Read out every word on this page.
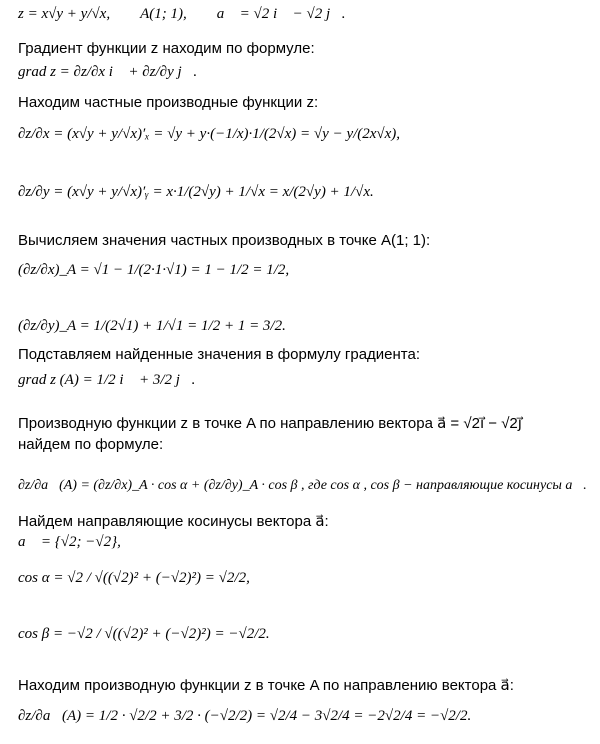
z = x√y + y/√x, A(1; 1), a⃗ = √2 i⃗ − √2 j⃗.
Градиент функции z находим по формуле:
grad z = ∂z/∂x i⃗ + ∂z/∂y j⃗.
Находим частные производные функции z:
∂z/∂x = (x√y + y/√x)′ₓ = √y + y·(−1/x)·1/(2√x) = √y − y/(2x√x),
∂z/∂y = (x√y + y/√x)′ᵧ = x·1/(2√y) + 1/√x = x/(2√y) + 1/√x.
Вычисляем значения частных производных в точке A(1; 1):
(∂z/∂x)_A = √1 − 1/(2·1·√1) = 1 − 1/2 = 1/2,
(∂z/∂y)_A = 1/(2√1) + 1/√1 = 1/2 + 1 = 3/2.
Подставляем найденные значения в формулу градиента:
grad z (A) = 1/2 i⃗ + 3/2 j⃗.
Производную функции z в точке A по направлению вектора a⃗ = √2i⃗ − √2j⃗
найдем по формуле:
∂z/∂a⃗(A) = (∂z/∂x)_A · cos α + (∂z/∂y)_A · cos β , где cos α , cos β − направляющие косинусы a⃗.
Найдем направляющие косинусы вектора a⃗:
a⃗ = {√2; −√2},
cos α = √2 / √((√2)² + (−√2)²) = √2/2,
cos β = −√2 / √((√2)² + (−√2)²) = −√2/2.
Находим производную функции z в точке A по направлению вектора a⃗:
∂z/∂a⃗(A) = 1/2 · √2/2 + 3/2 · (−√2/2) = √2/4 − 3√2/4 = −2√2/4 = −√2/2.
